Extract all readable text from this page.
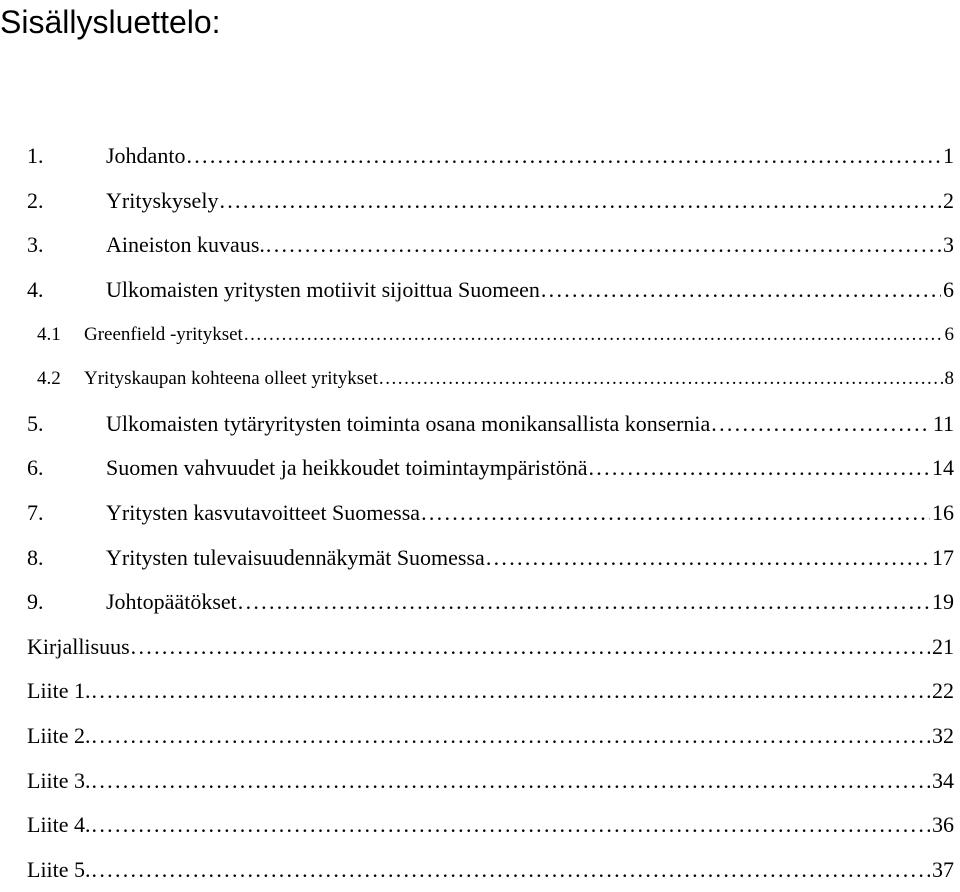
Sisällysluettelo:
1.	Johdanto . . .	1
2.	Yrityskysely . . .	2
3.	Aineiston kuvaus. . . .	3
4.	Ulkomaisten yritysten motiivit sijoittua Suomeen . . .	6
4.1	Greenfield -yritykset . . .	6
4.2	Yrityskaupan kohteena olleet yritykset . . .	8
5.	Ulkomaisten tytäryritysten toiminta osana monikansallista konsernia . . .	11
6.	Suomen vahvuudet ja heikkoudet toimintaympäristönä . . .	14
7.	Yritysten kasvutavoitteet Suomessa . . .	16
8.	Yritysten tulevaisuudennäkymät Suomessa . . .	17
9.	Johtopäätökset . . .	19
Kirjallisuus . . .	21
Liite 1. . . .	22
Liite 2. . . .	32
Liite 3. . . .	34
Liite 4. . . .	36
Liite 5. . . .	37
